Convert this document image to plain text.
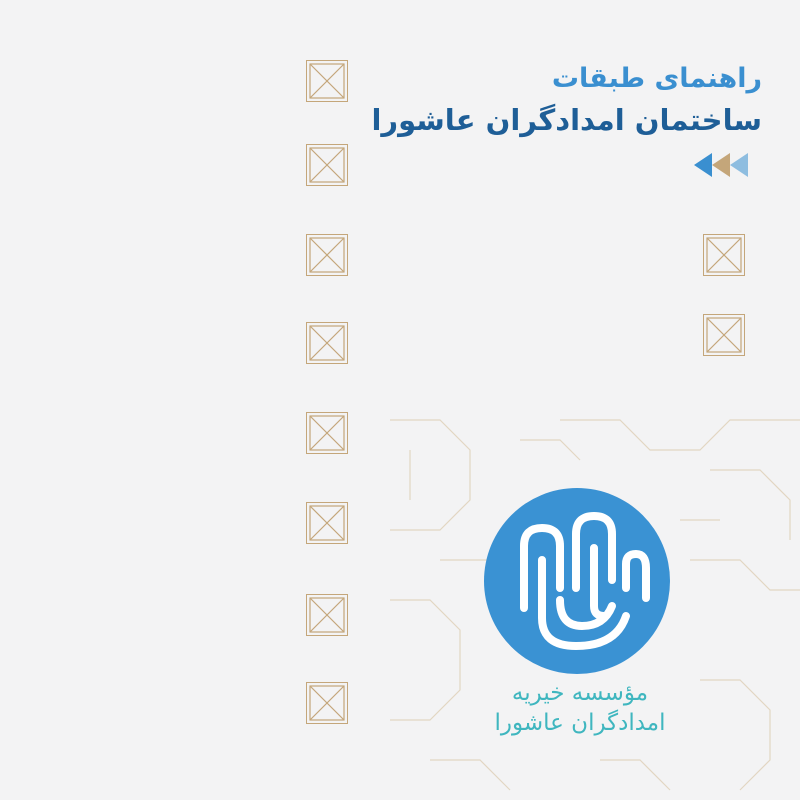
راهنمای طبقات
ساختمان امدادگران عاشورا
مؤسسه خیریه
امدادگران عاشورا
